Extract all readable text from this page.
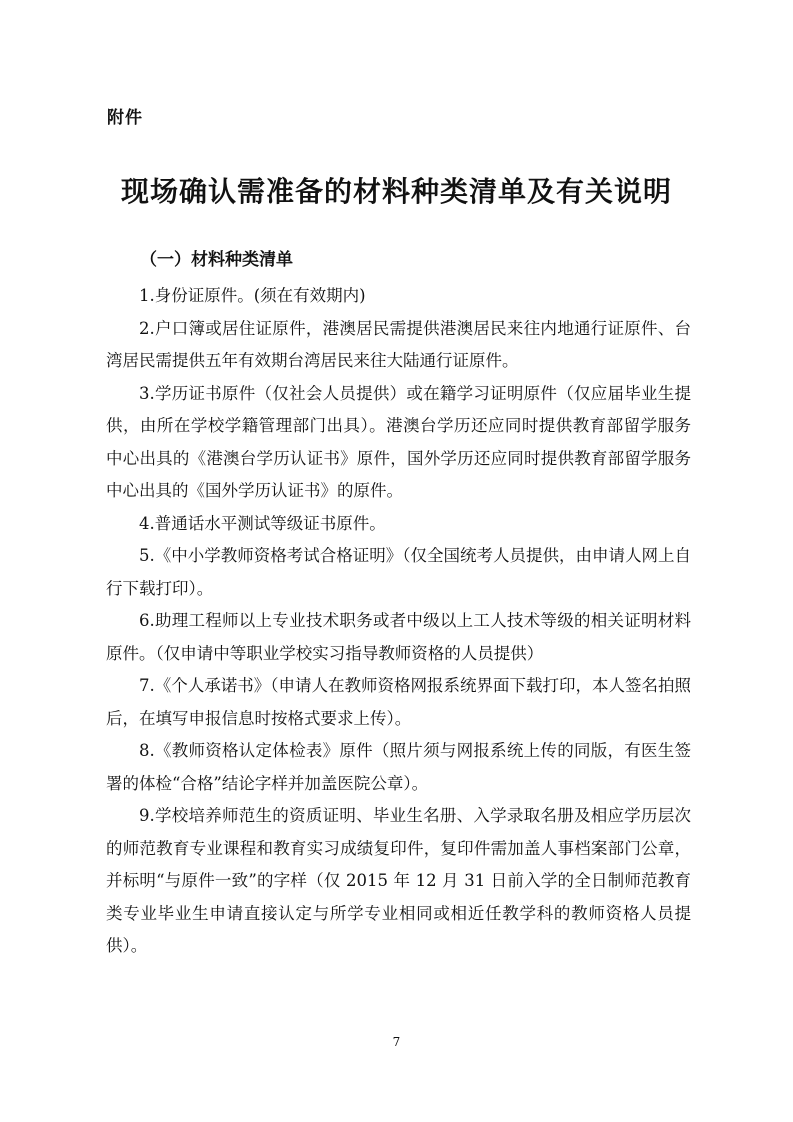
附件
现场确认需准备的材料种类清单及有关说明
（一）材料种类清单

1.身份证原件。(须在有效期内)

2.户口簿或居住证原件，港澳居民需提供港澳居民来往内地通行证原件、台湾居民需提供五年有效期台湾居民来往大陆通行证原件。

3.学历证书原件（仅社会人员提供）或在籍学习证明原件（仅应届毕业生提供，由所在学校学籍管理部门出具）。港澳台学历还应同时提供教育部留学服务中心出具的《港澳台学历认证书》原件，国外学历还应同时提供教育部留学服务中心出具的《国外学历认证书》的原件。

4.普通话水平测试等级证书原件。

5.《中小学教师资格考试合格证明》（仅全国统考人员提供，由申请人网上自行下载打印）。

6.助理工程师以上专业技术职务或者中级以上工人技术等级的相关证明材料原件。（仅申请中等职业学校实习指导教师资格的人员提供）

7.《个人承诺书》（申请人在教师资格网报系统界面下载打印，本人签名拍照后，在填写申报信息时按格式要求上传）。

8.《教师资格认定体检表》原件（照片须与网报系统上传的同版，有医生签署的体检“合格”结论字样并加盖医院公章）。

9.学校培养师范生的资质证明、毕业生名册、入学录取名册及相应学历层次的师范教育专业课程和教育实习成绩复印件，复印件需加盖人事档案部门公章，并标明“与原件一致”的字样（仅 2015 年 12 月 31 日前入学的全日制师范教育类专业毕业生申请直接认定与所学专业相同或相近任教学科的教师资格人员提供）。

7
